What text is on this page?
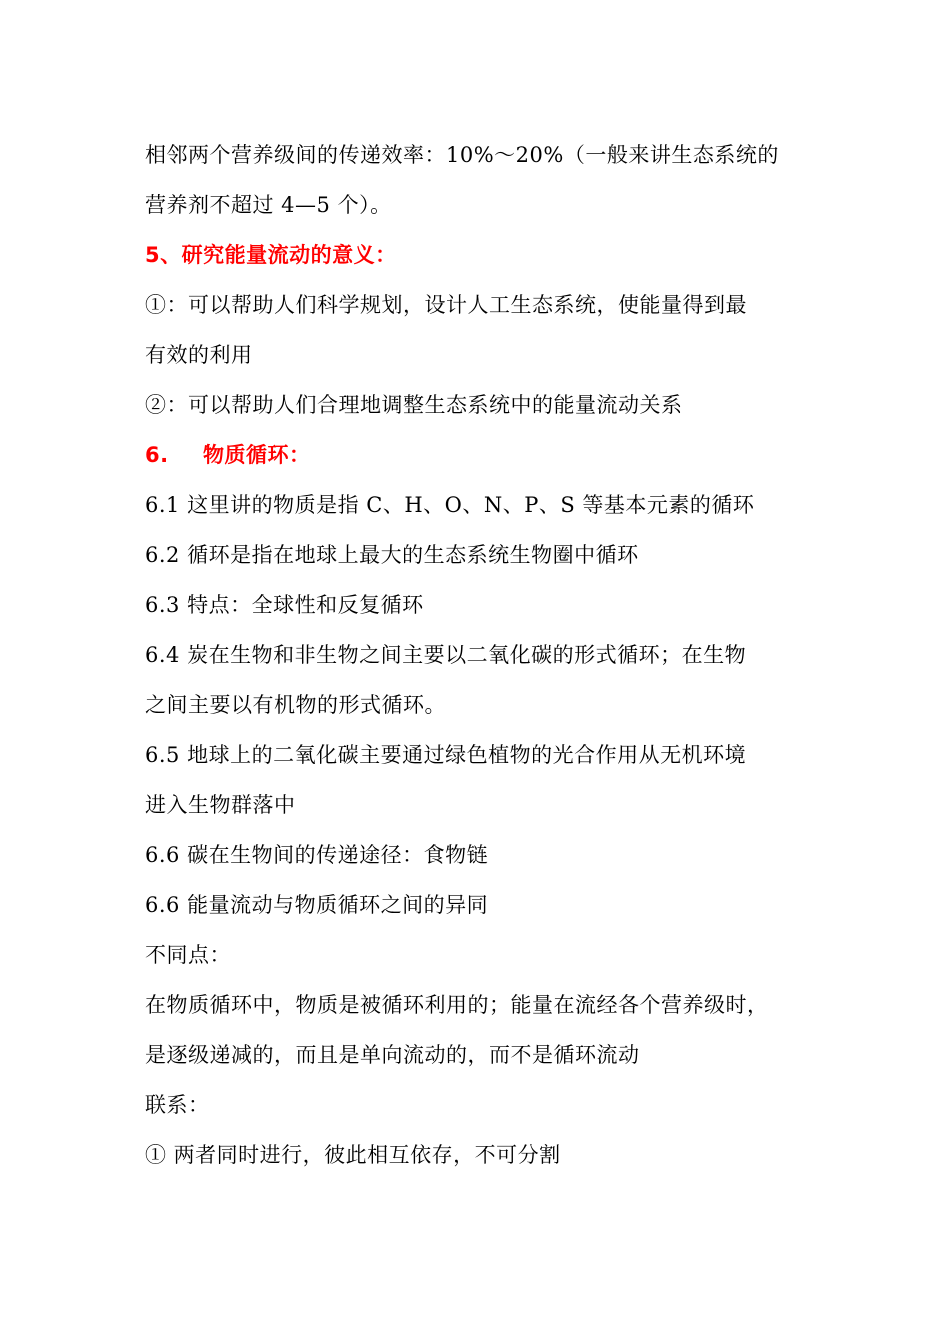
相邻两个营养级间的传递效率：10%～20%（一般来讲生态系统的
营养剂不超过 4—5 个）。
5、研究能量流动的意义：
①：可以帮助人们科学规划，设计人工生态系统，使能量得到最
有效的利用
②：可以帮助人们合理地调整生态系统中的能量流动关系
6. 物质循环：
6.1 这里讲的物质是指 C、H、O、N、P、S 等基本元素的循环
6.2 循环是指在地球上最大的生态系统生物圈中循环
6.3 特点：全球性和反复循环
6.4 炭在生物和非生物之间主要以二氧化碳的形式循环；在生物
之间主要以有机物的形式循环。
6.5 地球上的二氧化碳主要通过绿色植物的光合作用从无机环境
进入生物群落中
6.6 碳在生物间的传递途径：食物链
6.6 能量流动与物质循环之间的异同
不同点：
在物质循环中，物质是被循环利用的；能量在流经各个营养级时，
是逐级递减的，而且是单向流动的，而不是循环流动
联系：
① 两者同时进行，彼此相互依存，不可分割
